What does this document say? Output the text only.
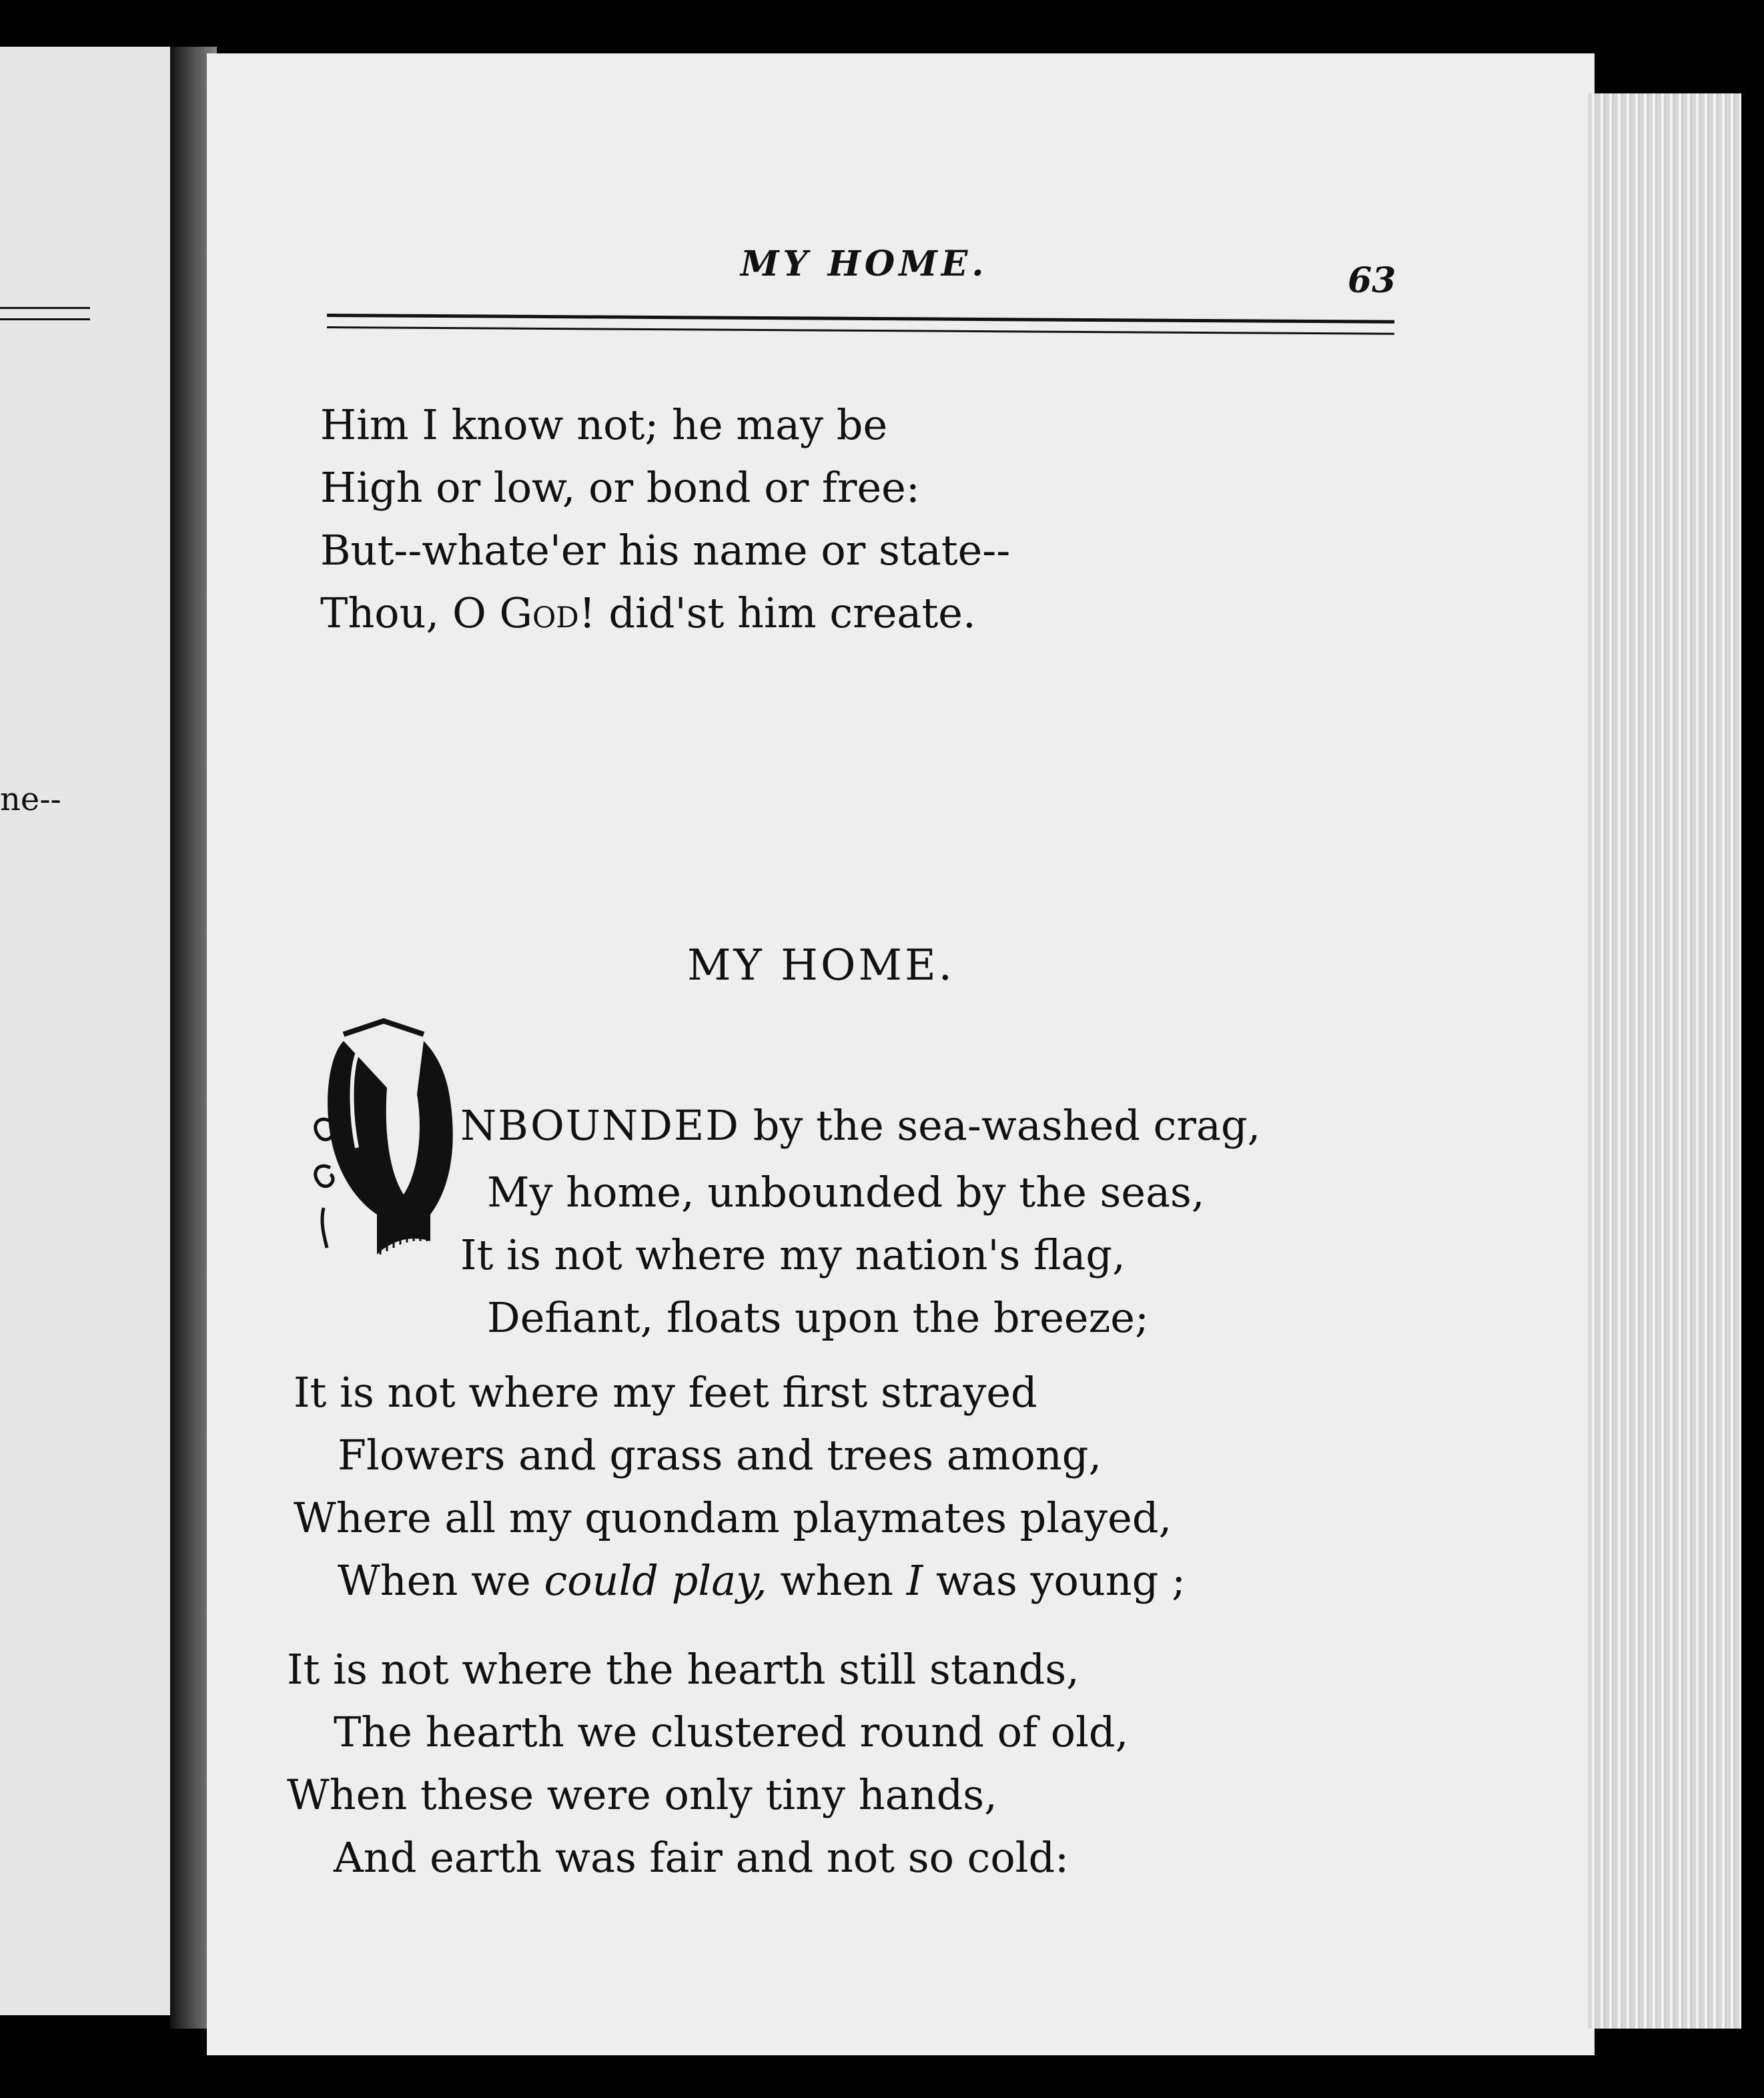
ne--
MY HOME.	63
Him I know not; he may be
High or low, or bond or free:
But--whate'er his name or state--
Thou, O God! did'st him create.
MY HOME.
NBOUNDED by the sea-washed crag,
My home, unbounded by the seas,
It is not where my nation's flag,
Defiant, floats upon the breeze;
It is not where my feet first strayed
Flowers and grass and trees among,
Where all my quondam playmates played,
When we could play, when I was young ;
It is not where the hearth still stands,
The hearth we clustered round of old,
When these were only tiny hands,
And earth was fair and not so cold:
